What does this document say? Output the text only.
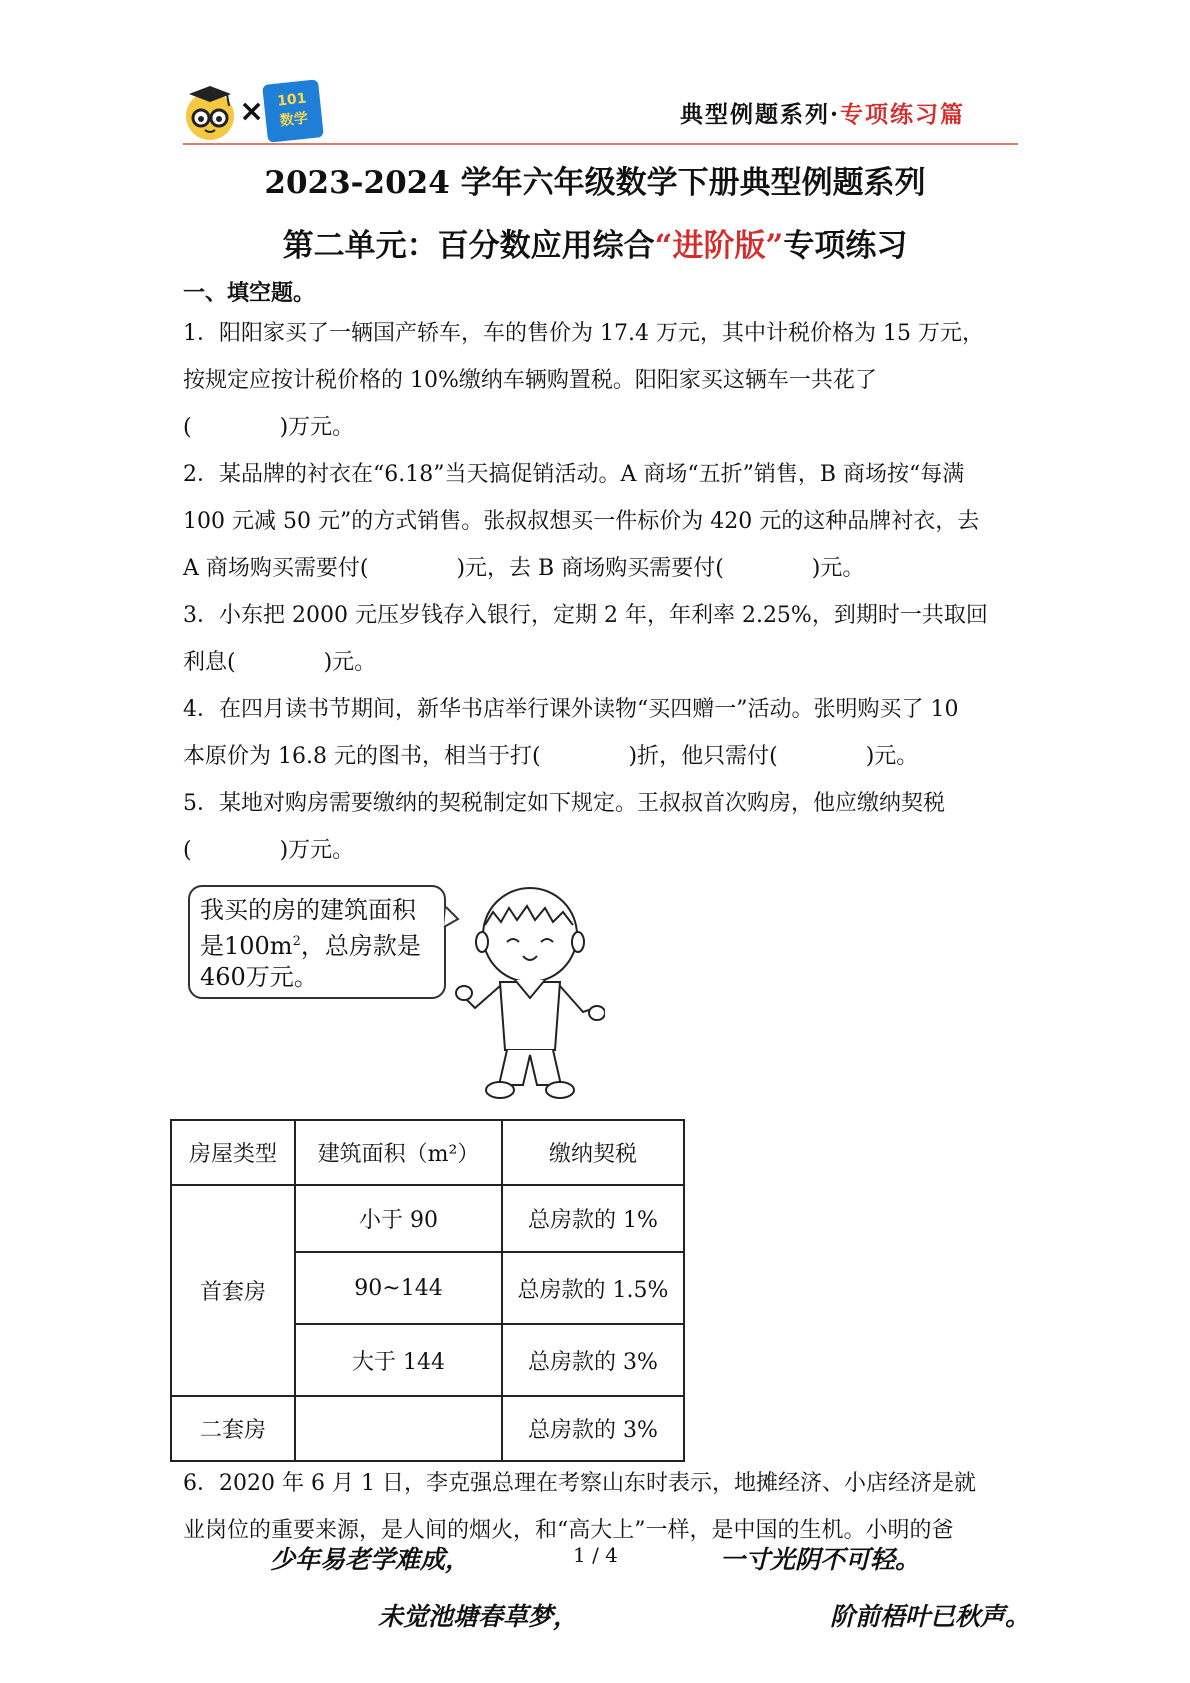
× 101
数学	典型例题系列·专项练习篇
2023-2024 学年六年级数学下册典型例题系列
第二单元：百分数应用综合“进阶版”专项练习
一、填空题。

1．阳阳家买了一辆国产轿车，车的售价为 17.4 万元，其中计税价格为 15 万元，

按规定应按计税价格的 10%缴纳车辆购置税。阳阳家买这辆车一共花了

(　　　　)万元。

2．某品牌的衬衣在“6.18”当天搞促销活动。A 商场“五折”销售，B 商场按“每满

100 元减 50 元”的方式销售。张叔叔想买一件标价为 420 元的这种品牌衬衣，去

A 商场购买需要付(　　　　)元，去 B 商场购买需要付(　　　　)元。

3．小东把 2000 元压岁钱存入银行，定期 2 年，年利率 2.25%，到期时一共取回

利息(　　　　)元。

4．在四月读书节期间，新华书店举行课外读物“买四赠一”活动。张明购买了 10

本原价为 16.8 元的图书，相当于打(　　　　)折，他只需付(　　　　)元。

5．某地对购房需要缴纳的契税制定如下规定。王叔叔首次购房，他应缴纳契税

(　　　　)万元。

我买的房的建筑面积

是$100m^2$，总房款是

460万元。

房屋类型	建筑面积（m²）	缴纳契税
首套房	小于 90	总房款的 1%
	90~144	总房款的 1.5%
	大于 144	总房款的 3%
二套房		总房款的 3%

6．2020 年 6 月 1 日，李克强总理在考察山东时表示，地摊经济、小店经济是就

业岗位的重要来源，是人间的烟火，和“高大上”一样，是中国的生机。小明的爸

少年易老学难成，	1 / 4	一寸光阴不可轻。
未觉池塘春草梦，	阶前梧叶已秋声。
